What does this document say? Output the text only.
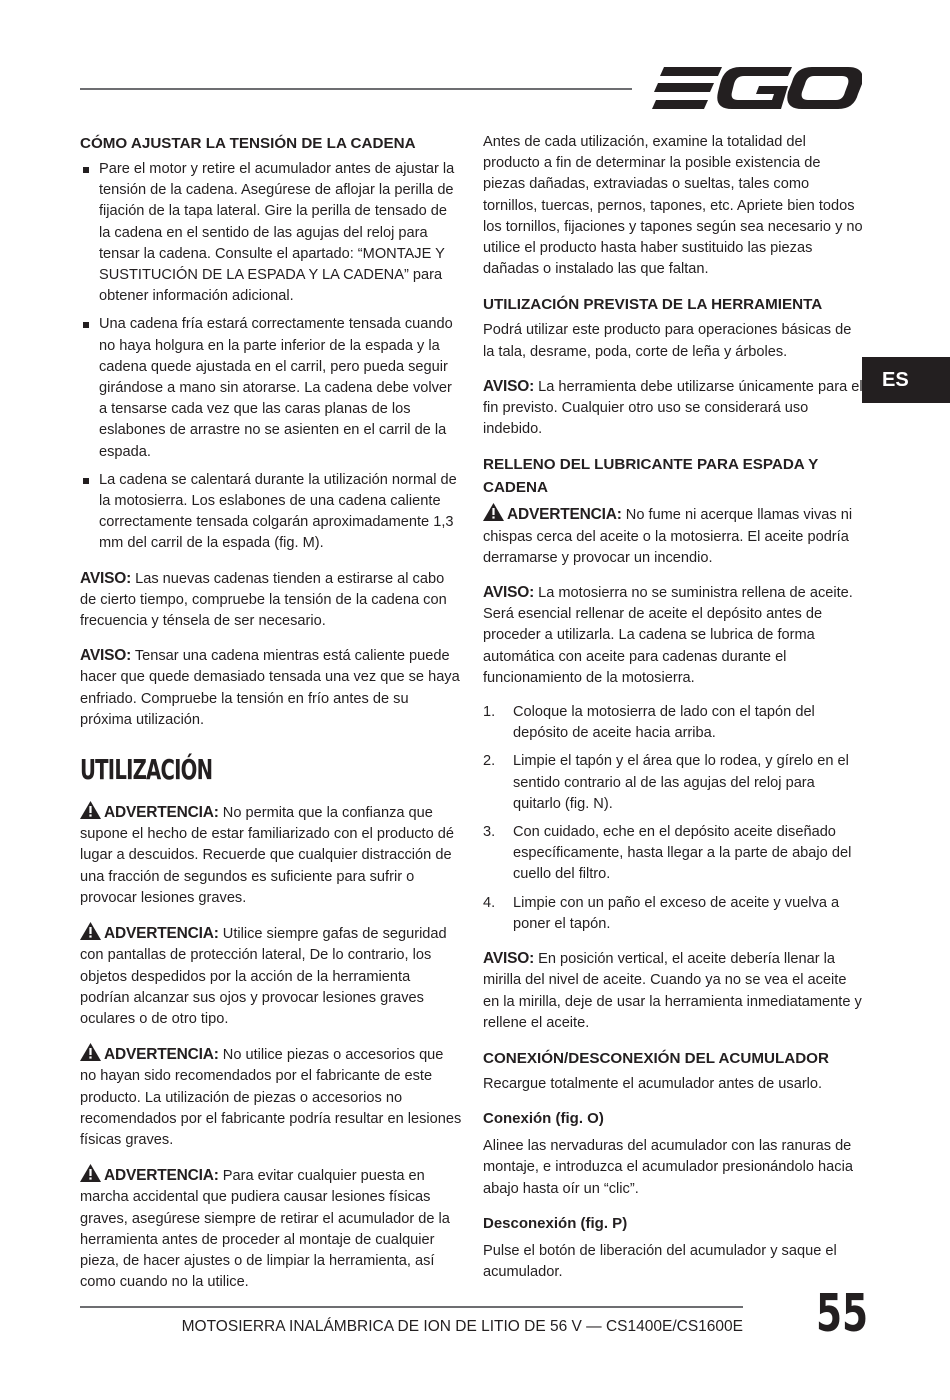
ES
CÓMO AJUSTAR LA TENSIÓN DE LA CADENA
Pare el motor y retire el acumulador antes de ajustar la tensión de la cadena. Asegúrese de aflojar la perilla de fijación de la tapa lateral. Gire la perilla de tensado de la cadena en el sentido de las agujas del reloj para tensar la cadena. Consulte el apartado: “MONTAJE Y SUSTITUCIÓN DE LA ESPADA Y LA CADENA” para obtener información adicional.
Una cadena fría estará correctamente tensada cuando no haya holgura en la parte inferior de la espada y la cadena quede ajustada en el carril, pero pueda seguir girándose a mano sin atorarse. La cadena debe volver a tensarse cada vez que las caras planas de los eslabones de arrastre no se asienten en el carril de la espada.
La cadena se calentará durante la utilización normal de la motosierra. Los eslabones de una cadena caliente correctamente tensada colgarán aproximadamente 1,3 mm del carril de la espada (fig. M).

AVISO: Las nuevas cadenas tienden a estirarse al cabo de cierto tiempo, compruebe la tensión de la cadena con frecuencia y ténsela de ser necesario.

AVISO: Tensar una cadena mientras está caliente puede hacer que quede demasiado tensada una vez que se haya enfriado. Compruebe la tensión en frío antes de su próxima utilización.

UTILIZACIÓN

ADVERTENCIA: No permita que la confianza que supone el hecho de estar familiarizado con el producto dé lugar a descuidos. Recuerde que cualquier distracción de una fracción de segundos es suficiente para sufrir o provocar lesiones graves.

ADVERTENCIA: Utilice siempre gafas de seguridad con pantallas de protección lateral, De lo contrario, los objetos despedidos por la acción de la herramienta podrían alcanzar sus ojos y provocar lesiones graves oculares o de otro tipo.

ADVERTENCIA: No utilice piezas o accesorios que no hayan sido recomendados por el fabricante de este producto. La utilización de piezas o accesorios no recomendados por el fabricante podría resultar en lesiones físicas graves.

ADVERTENCIA: Para evitar cualquier puesta en marcha accidental que pudiera causar lesiones físicas graves, asegúrese siempre de retirar el acumulador de la herramienta antes de proceder al montaje de cualquier pieza, de hacer ajustes o de limpiar la herramienta, así como cuando no la utilice.

Antes de cada utilización, examine la totalidad del producto a fin de determinar la posible existencia de piezas dañadas, extraviadas o sueltas, tales como tornillos, tuercas, pernos, tapones, etc. Apriete bien todos los tornillos, fijaciones y tapones según sea necesario y no utilice el producto hasta haber sustituido las piezas dañadas o instalado las que faltan.

UTILIZACIÓN PREVISTA DE LA HERRAMIENTA

Podrá utilizar este producto para operaciones básicas de la tala, desrame, poda, corte de leña y árboles.

AVISO: La herramienta debe utilizarse únicamente para el fin previsto. Cualquier otro uso se considerará uso indebido.

RELLENO DEL LUBRICANTE PARA ESPADA Y CADENA

ADVERTENCIA: No fume ni acerque llamas vivas ni chispas cerca del aceite o la motosierra. El aceite podría derramarse y provocar un incendio.

AVISO: La motosierra no se suministra rellena de aceite. Será esencial rellenar de aceite el depósito antes de proceder a utilizarla. La cadena se lubrica de forma automática con aceite para cadenas durante el funcionamiento de la motosierra.

1. Coloque la motosierra de lado con el tapón del depósito de aceite hacia arriba.
2. Limpie el tapón y el área que lo rodea, y gírelo en el sentido contrario al de las agujas del reloj para quitarlo (fig. N).
3. Con cuidado, eche en el depósito aceite diseñado específicamente, hasta llegar a la parte de abajo del cuello del filtro.
4. Limpie con un paño el exceso de aceite y vuelva a poner el tapón.

AVISO: En posición vertical, el aceite debería llenar la mirilla del nivel de aceite. Cuando ya no se vea el aceite en la mirilla, deje de usar la herramienta inmediatamente y rellene el aceite.

CONEXIÓN/DESCONEXIÓN DEL ACUMULADOR

Recargue totalmente el acumulador antes de usarlo.

Conexión (fig. O)

Alinee las nervaduras del acumulador con las ranuras de montaje, e introduzca el acumulador presionándolo hacia abajo hasta oír un “clic”.

Desconexión (fig. P)

Pulse el botón de liberación del acumulador y saque el acumulador.

MOTOSIERRA INALÁMBRICA DE ION DE LITIO DE 56 V — CS1400E/CS1600E 55
